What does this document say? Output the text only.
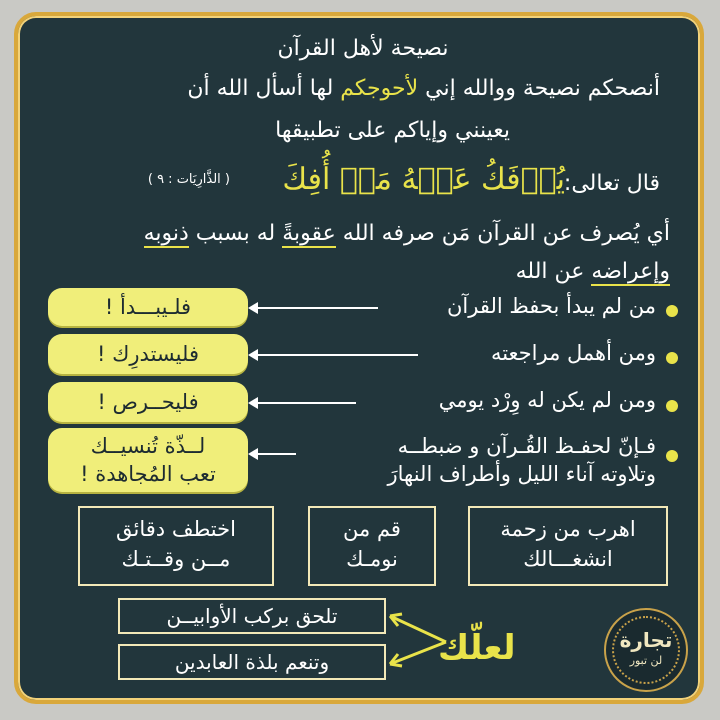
نصيحة لأهل القرآن
أنصحكم نصيحة ووالله إني لأحوجكم لها أسأل الله أن
يعينني وإياكم على تطبيقها
قال تعالى:
يُؤۡفَكُ عَنۡهُ مَنۡ أُفِكَ
( الذَّارِيَات : ٩ )
أي يُصرف عن القرآن مَن صرفه الله عقوبةً له بسبب ذنوبه
وإعراضه عن الله
من لم يبدأ بحفظ القرآن
فلـيبـــدأ !
ومن أهمل مراجعته
فليستدرِك !
ومن لم يكن له وِرْد يومي
فليحــرص !
فـإنّ لحفـظ القُـرآن و ضبطــه
وتلاوته آناء الليل وأطراف النهارَ
لــذّة تُنسيــك
تعب المُجاهدة !
اهرب من زحمة
انشغـــالك
قم من
نومـك
اختطف دقائق
مــن وقــتـك
تلحق بركب الأوابيــن
وتنعم بلذة العابدين	لعلّك	تجارة
لن تبور
